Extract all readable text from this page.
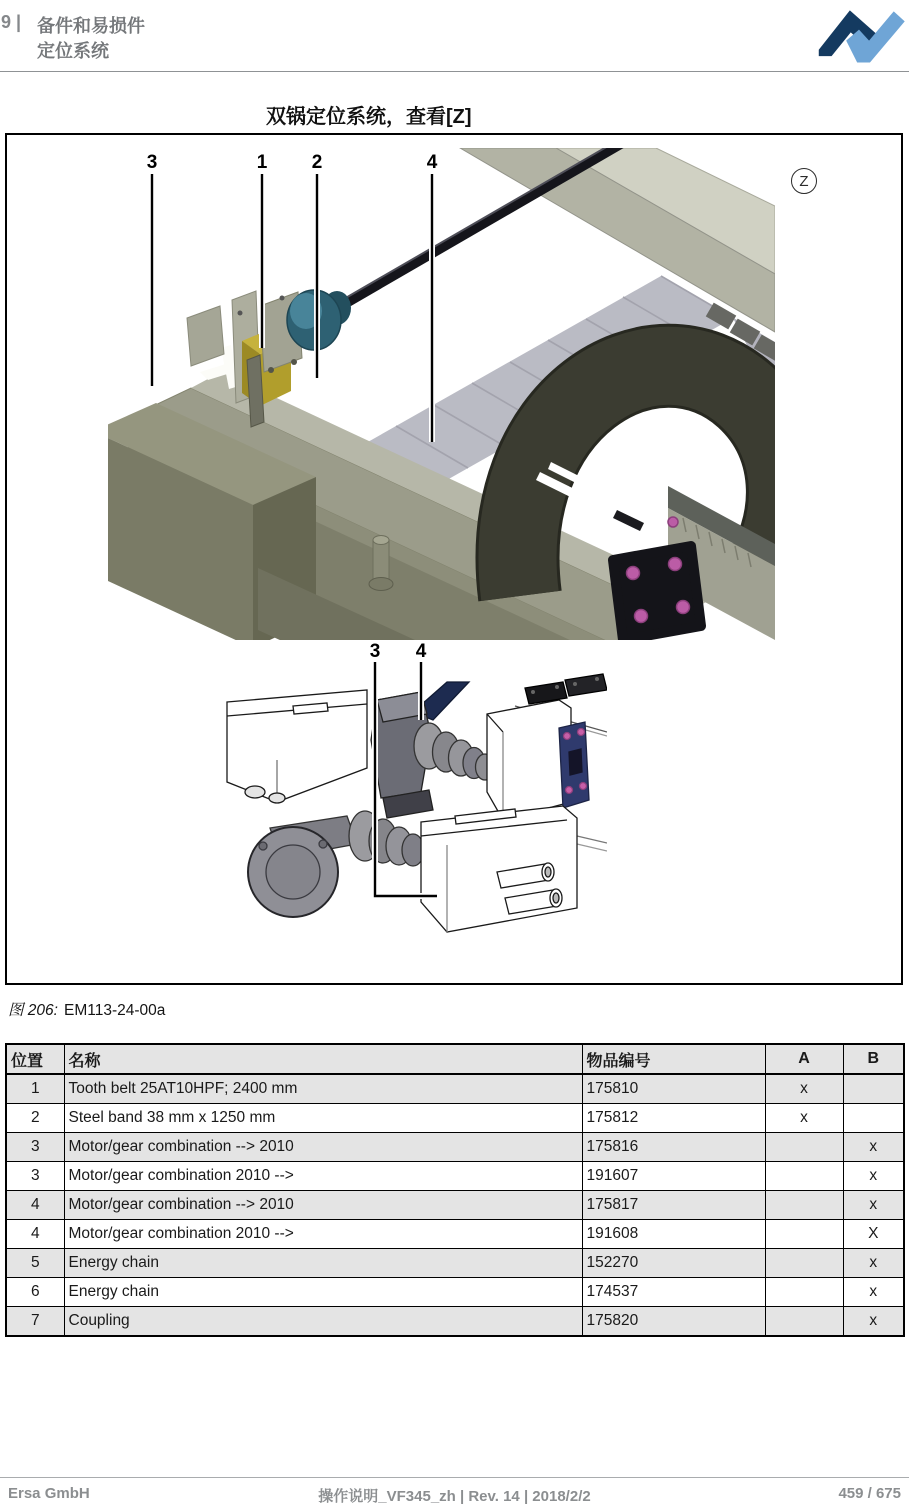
9 | 备件和易损件
定位系统
双锅定位系统，查看[Z]
Z
3	1 2	4
3 4
图 206: EM113-24-00a
位置	名称	物品编号	A	B
1	Tooth belt 25AT10HPF; 2400 mm	175810	x	
2	Steel band 38 mm x 1250 mm	175812	x	
3	Motor/gear combination --> 2010	175816		x
3	Motor/gear combination 2010 -->	191607		x
4	Motor/gear combination --> 2010	175817		x
4	Motor/gear combination 2010 -->	191608		X
5	Energy chain	152270		x
6	Energy chain	174537		x
7	Coupling	175820		x
操作说明_VF345_zh | Rev. 14 | 2018/2/2
Ersa GmbH	459 / 675
